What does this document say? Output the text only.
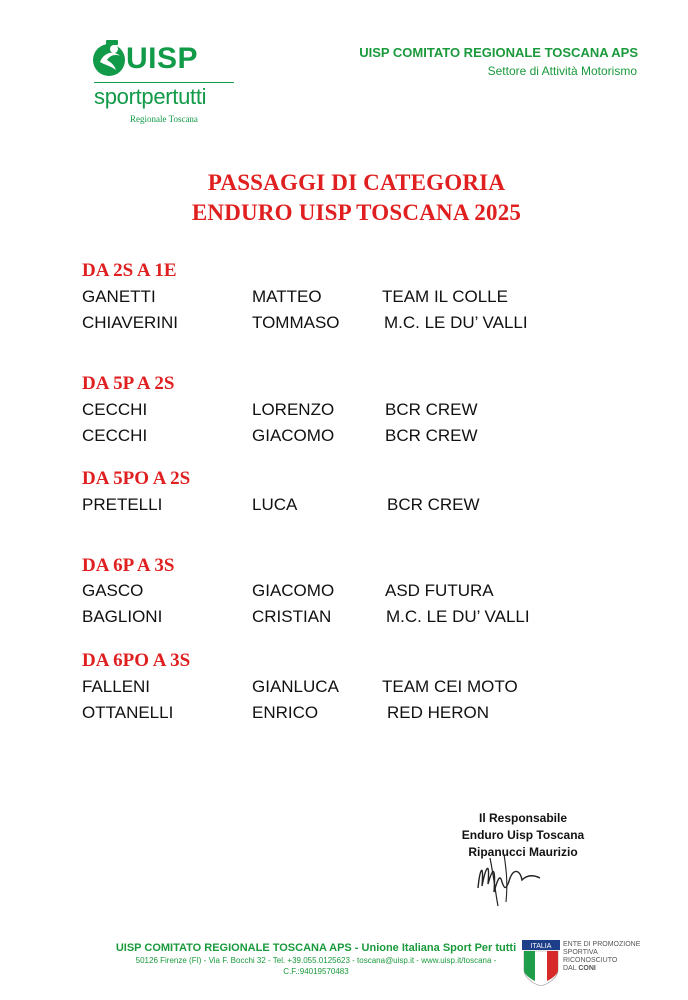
UISP
sportpertutti
Regionale Toscana
UISP COMITATO REGIONALE TOSCANA APS
Settore di Attività Motorismo
PASSAGGI DI CATEGORIA
ENDURO UISP TOSCANA 2025
DA 2S A 1E
GANETTI	MATTEO	TEAM IL COLLE
CHIAVERINI	TOMMASO	M.C. LE DU’ VALLI
DA 5P A 2S
CECCHI	LORENZO	BCR CREW
CECCHI	GIACOMO	BCR CREW
DA 5PO A 2S
PRETELLI	LUCA	BCR CREW
DA 6P A 3S
GASCO	GIACOMO	ASD FUTURA
BAGLIONI	CRISTIAN	M.C. LE DU’ VALLI
DA 6PO A 3S
FALLENI	GIANLUCA	TEAM CEI MOTO
OTTANELLI	ENRICO	RED HERON
Il Responsabile
Enduro Uisp Toscana
Ripanucci Maurizio
UISP COMITATO REGIONALE TOSCANA APS - Unione Italiana Sport Per tutti
50126 Firenze (FI) - Via F. Bocchi 32 - Tel. +39.055.0125623 - toscana@uisp.it - www.uisp.it/toscana -
C.F.:94019570483
ITALIA ENTE DI PROMOZIONE
SPORTIVA
RICONOSCIUTO
DAL CONI
